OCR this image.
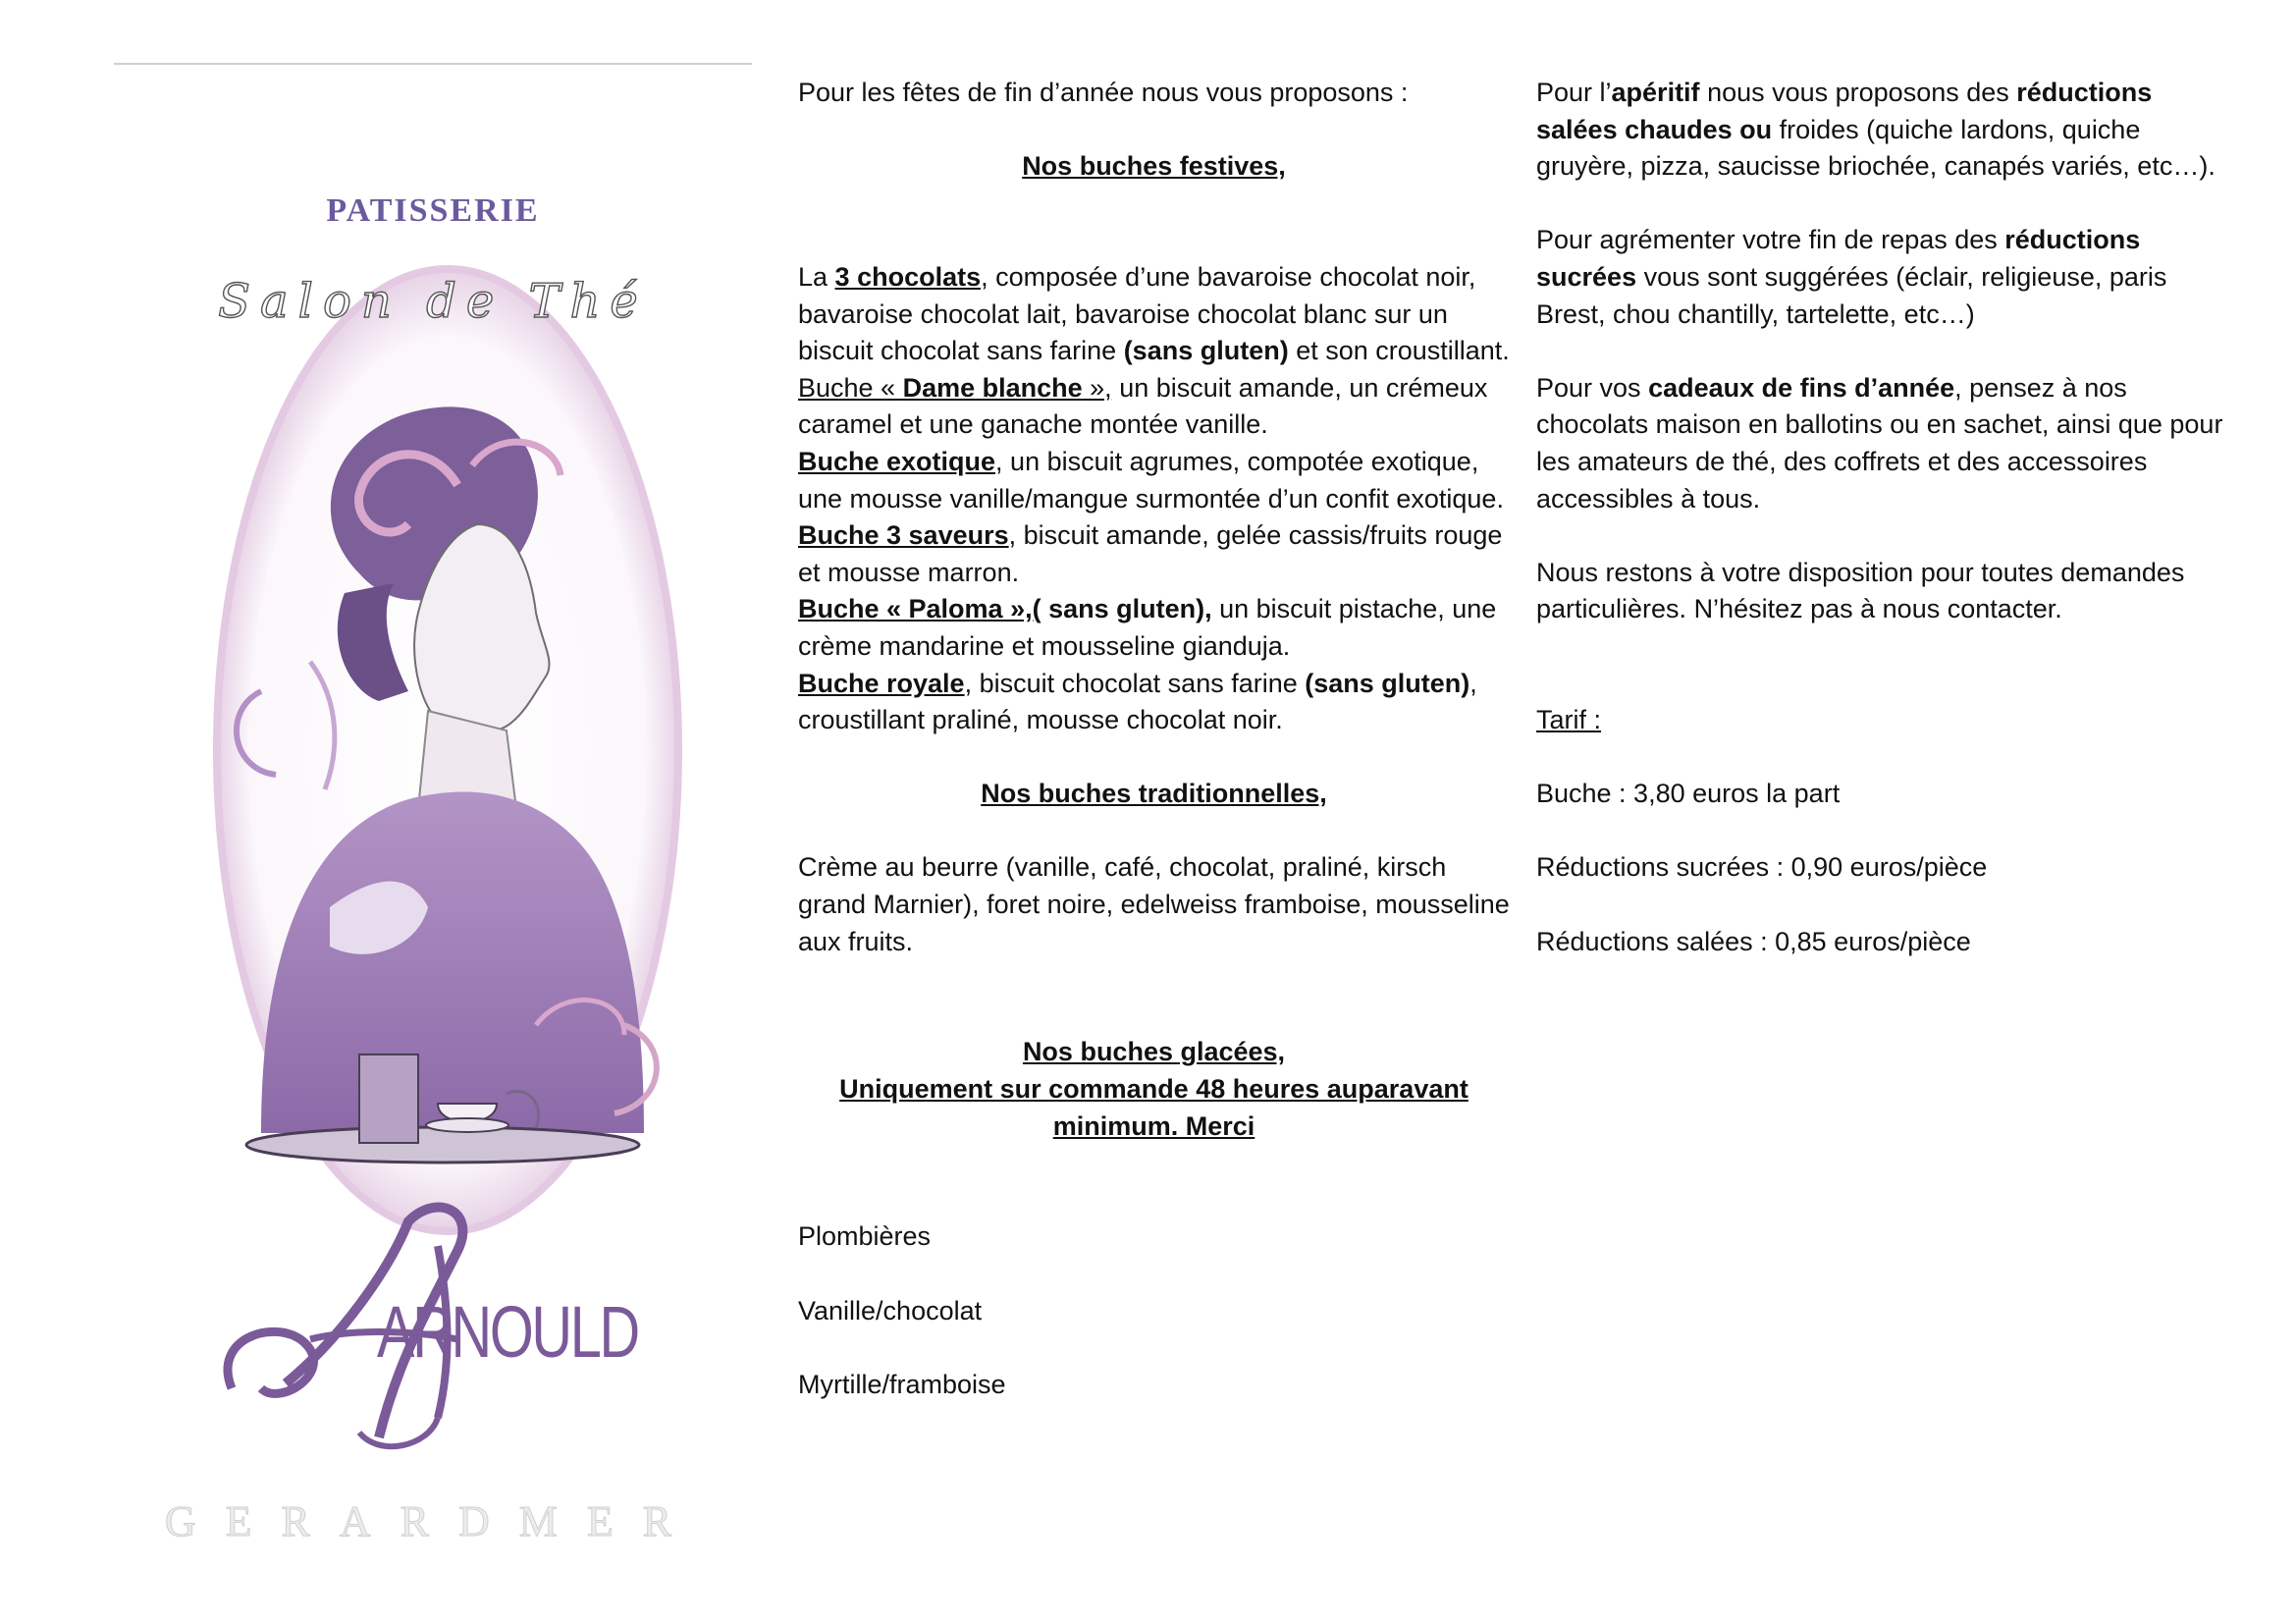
PATISSERIE
Salon de Thé
ARNOULD
GERARDMER

Pour les fêtes de fin d’année nous vous proposons :

Nos buches festives,

La 3 chocolats, composée d’une bavaroise chocolat noir, bavaroise chocolat lait, bavaroise chocolat blanc sur un biscuit chocolat sans farine (sans gluten) et son croustillant.

Buche « Dame blanche », un biscuit amande, un crémeux caramel et une ganache montée vanille.

Buche exotique, un biscuit agrumes, compotée exotique, une mousse vanille/mangue surmontée d’un confit exotique.

Buche 3 saveurs, biscuit amande, gelée cassis/fruits rouge et mousse marron.

Buche « Paloma »,( sans gluten), un biscuit pistache, une crème mandarine et mousseline gianduja.

Buche royale, biscuit chocolat sans farine (sans gluten), croustillant praliné, mousse chocolat noir.

Nos buches traditionnelles,

Crème au beurre (vanille, café, chocolat, praliné, kirsch grand Marnier), foret noire, edelweiss framboise, mousseline aux fruits.

Nos buches glacées,

Uniquement sur commande 48 heures auparavant minimum. Merci

Plombières

Vanille/chocolat

Myrtille/framboise

Pour l’apéritif nous vous proposons des réductions salées chaudes ou froides (quiche lardons, quiche gruyère, pizza, saucisse briochée, canapés variés, etc…).

Pour agrémenter votre fin de repas des réductions sucrées vous sont suggérées (éclair, religieuse, paris Brest, chou chantilly, tartelette, etc…)

Pour vos cadeaux de fins d’année, pensez à nos chocolats maison en ballotins ou en sachet, ainsi que pour les amateurs de thé, des coffrets et des accessoires accessibles à tous.

Nous restons à votre disposition pour toutes demandes particulières. N’hésitez pas à nous contacter.

Tarif :

Buche : 3,80 euros la part

Réductions sucrées : 0,90 euros/pièce

Réductions salées : 0,85 euros/pièce
